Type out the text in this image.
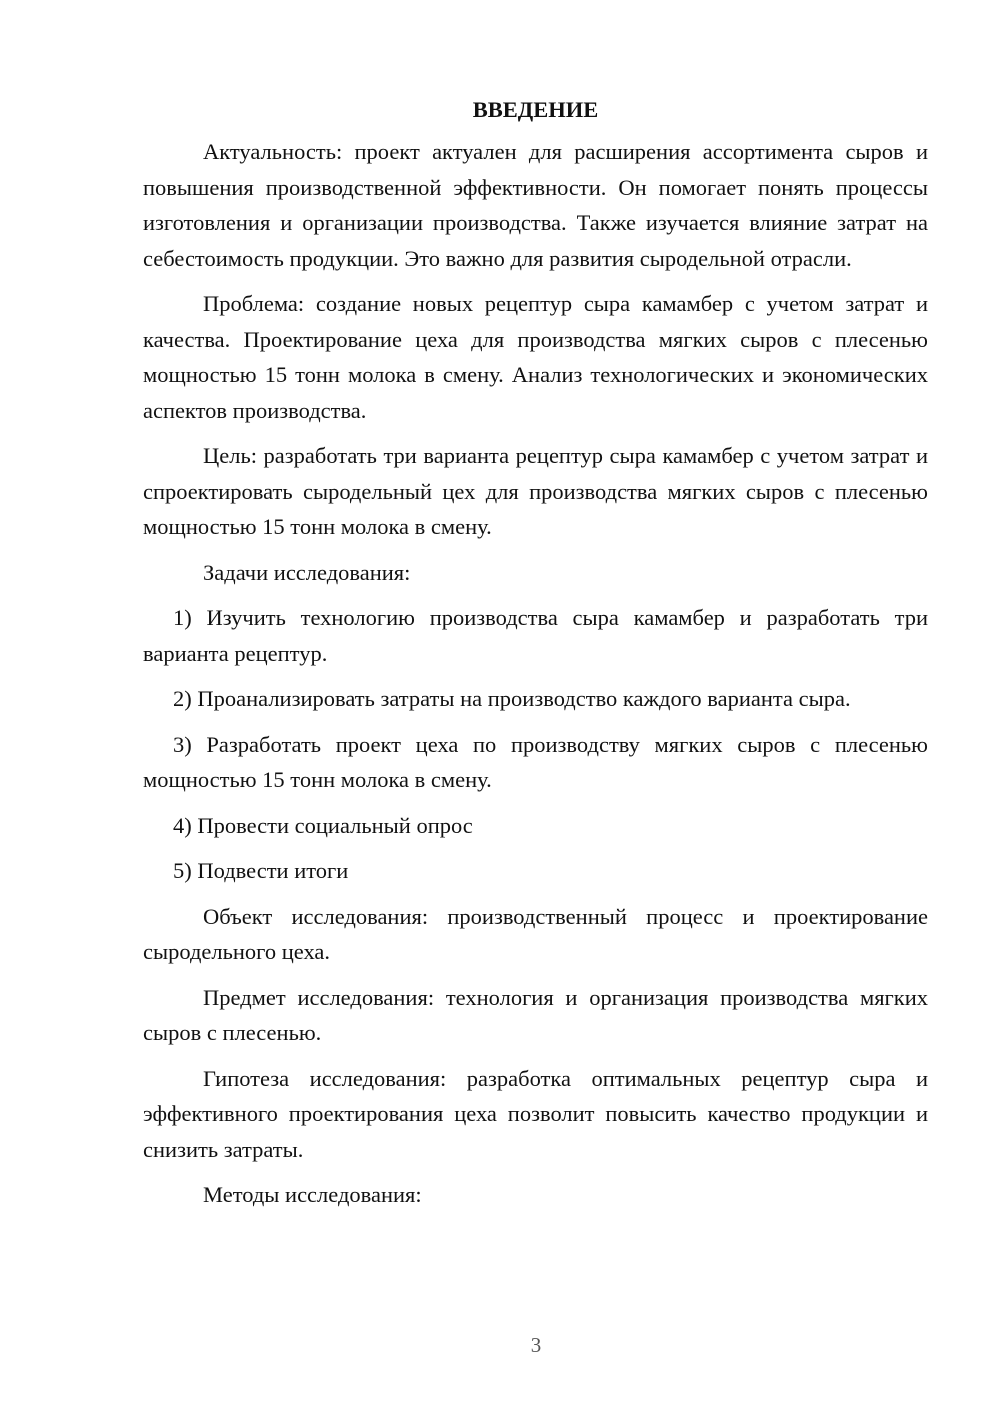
ВВЕДЕНИЕ

Актуальность: проект актуален для расширения ассортимента сыров и повышения производственной эффективности. Он помогает понять процессы изготовления и организации производства. Также изучается влияние затрат на себестоимость продукции. Это важно для развития сыродельной отрасли.

Проблема: создание новых рецептур сыра камамбер с учетом затрат и качества. Проектирование цеха для производства мягких сыров с плесенью мощностью 15 тонн молока в смену. Анализ технологических и экономических аспектов производства.

Цель: разработать три варианта рецептур сыра камамбер с учетом затрат и спроектировать сыродельный цех для производства мягких сыров с плесенью мощностью 15 тонн молока в смену.

Задачи исследования:

1) Изучить технологию производства сыра камамбер и разработать три варианта рецептур.

2) Проанализировать затраты на производство каждого варианта сыра.

3) Разработать проект цеха по производству мягких сыров с плесенью мощностью 15 тонн молока в смену.

4) Провести социальный опрос

5) Подвести итоги

Объект исследования: производственный процесс и проектирование сыродельного цеха.

Предмет исследования: технология и организация производства мягких сыров с плесенью.

Гипотеза исследования: разработка оптимальных рецептур сыра и эффективного проектирования цеха позволит повысить качество продукции и снизить затраты.

Методы исследования:

3
